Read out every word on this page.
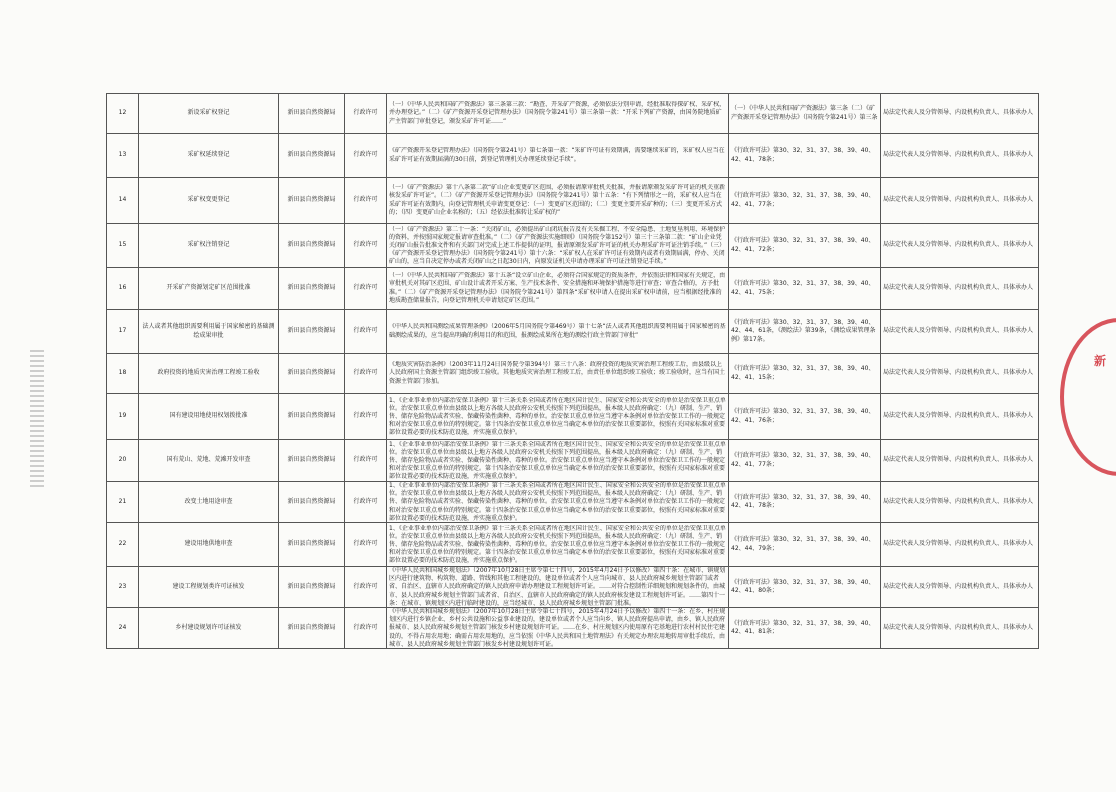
12	新设采矿权登记	新田县自然资源局	行政许可	（一）《中华人民共和国矿产资源法》第三条第三款：“勘查、开采矿产资源，必须依法分别申请，经批准取得探矿权、采矿权，并办理登记。”（二）《矿产资源开采登记管理办法》（国务院令第241号）第三条第一款：“开采下列矿产资源，由国务院地质矿产主管部门审批登记，颁发采矿许可证……”	（一）《中华人民共和国矿产资源法》第三条（二）《矿产资源开采登记管理办法》（国务院令第241号）第三条	局法定代表人及分管领导、内设机构负责人、具体承办人
13	采矿权延续登记	新田县自然资源局	行政许可	《矿产资源开采登记管理办法》（国务院令第241号）第七条第一款：“采矿许可证有效期满，需要继续采矿的，采矿权人应当在采矿许可证有效期届满的30日前，到登记管理机关办理延续登记手续”。	《行政许可法》第30、32、31、37、38、39、40、42、41、78条；	局法定代表人及分管领导、内设机构负责人、具体承办人
14	采矿权变更登记	新田县自然资源局	行政许可	（一）《矿产资源法》第十八条第二款“矿山企业变更矿区范围，必须报请原审批机关批准，并报请原颁发采矿许可证的机关重新核发采矿许可证”。（二）《矿产资源开采登记管理办法》（国务院令第241号）第十五条：“有下列情形之一的，采矿权人应当在采矿许可证有效期内，向登记管理机关申请变更登记：（一）变更矿区范围的；（二）变更主要开采矿种的；（三）变更开采方式的；（四）变更矿山企业名称的；（五）经依法批准转让采矿权的”	《行政许可法》第30、32、31、37、38、39、40、42、41、77条；	局法定代表人及分管领导、内设机构负责人、具体承办人
15	采矿权注销登记	新田县自然资源局	行政许可	（一）《矿产资源法》第二十一条：“关闭矿山，必须提出矿山闭坑报告及有关采掘工程、不安全隐患、土地复垦利用、环境保护的资料，并按照国家规定报请审查批准。”（二）《矿产资源法实施细则》（国务院令第152号）第三十三条第二款：“矿山企业凭关闭矿山报告批准文件和有关部门对完成上述工作提供的证明，报请原颁发采矿许可证的机关办理采矿许可证注销手续。”（三）《矿产资源开采登记管理办法》（国务院令第241号）第十六条：“采矿权人在采矿许可证有效期内或者有效期届满，停办、关闭矿山的，应当自决定停办或者关闭矿山之日起30日内，向原发证机关申请办理采矿许可证注销登记手续。”	《行政许可法》第30、32、31、37、38、39、40、42、41、72条；	局法定代表人及分管领导、内设机构负责人、具体承办人
16	开采矿产资源划定矿区范围批准	新田县自然资源局	行政许可	（一）《中华人民共和国矿产资源法》第十五条“设立矿山企业，必须符合国家规定的资质条件，并依照法律和国家有关规定，由审批机关对其矿区范围、矿山设计或者开采方案、生产技术条件、安全措施和环境保护措施等进行审查；审查合格的，方予批准。”（二）《矿产资源开采登记管理办法》（国务院令第241号）第四条“采矿权申请人在提出采矿权申请前，应当根据经批准的地质勘查储量报告，向登记管理机关申请划定矿区范围。”	《行政许可法》第30、32、31、37、38、39、40、42、41、75条；	局法定代表人及分管领导、内设机构负责人、具体承办人
17	法人或者其他组织需要利用属于国家秘密的基础测绘成果审批	新田县自然资源局	行政许可	《中华人民共和国测绘成果管理条例》（2006年5月国务院令第469号）第十七条“法人或者其他组织需要利用属于国家秘密的基础测绘成果的，应当提出明确的利用目的和范围，报测绘成果所在地的测绘行政主管部门审批”	《行政许可法》第30、32、31、37、38、39、40、42、44、61条，《测绘法》第39条，《测绘成果管理条例》第17条。	局法定代表人及分管领导、内设机构负责人、具体承办人
18	政府投资的地质灾害治理工程竣工验收	新田县自然资源局	行政许可	《地质灾害防治条例》（2003年11月24日国务院令第394号）第三十八条：政府投资的地质灾害治理工程竣工后，由县级以上人民政府国土资源主管部门组织竣工验收。其他地质灾害治理工程竣工后，由责任单位组织竣工验收；竣工验收时，应当有国土资源主管部门参加。	《行政许可法》第30、32、31、37、38、39、40、42、41、15条；	局法定代表人及分管领导、内设机构负责人、具体承办人
19	国有建设用地使用权划拨批准	新田县自然资源局	行政许可	1、《企业事业单位内部治安保卫条例》第十三条关系全国或者所在地区国计民生、国家安全和公共安全的单位是治安保卫重点单位。治安保卫重点单位由县级以上地方各级人民政府公安机关按照下列范围提出，报本级人民政府确定：（九）研制、生产、销售、储存危险物品或者实验、保藏传染性菌种、毒种的单位。治安保卫重点单位应当遵守本条例对单位治安保卫工作的一般规定和对治安保卫重点单位的特别规定。第十四条治安保卫重点单位应当确定本单位的治安保卫重要部位，按照有关国家标准对重要部位设置必要的技术防范设施，并实施重点保护。	《行政许可法》第30、32、31、37、38、39、40、42、41、76条；	局法定代表人及分管领导、内设机构负责人、具体承办人
20	国有荒山、荒地、荒滩开发审查	新田县自然资源局	行政许可	1、《企业事业单位内部治安保卫条例》第十三条关系全国或者所在地区国计民生、国家安全和公共安全的单位是治安保卫重点单位。治安保卫重点单位由县级以上地方各级人民政府公安机关按照下列范围提出，报本级人民政府确定：（九）研制、生产、销售、储存危险物品或者实验、保藏传染性菌种、毒种的单位。治安保卫重点单位应当遵守本条例对单位治安保卫工作的一般规定和对治安保卫重点单位的特别规定。第十四条治安保卫重点单位应当确定本单位的治安保卫重要部位，按照有关国家标准对重要部位设置必要的技术防范设施，并实施重点保护。	《行政许可法》第30、32、31、37、38、39、40、42、41、77条；	局法定代表人及分管领导、内设机构负责人、具体承办人
21	改变土地用途审查	新田县自然资源局	行政许可	1、《企业事业单位内部治安保卫条例》第十三条关系全国或者所在地区国计民生、国家安全和公共安全的单位是治安保卫重点单位。治安保卫重点单位由县级以上地方各级人民政府公安机关按照下列范围提出，报本级人民政府确定：（九）研制、生产、销售、储存危险物品或者实验、保藏传染性菌种、毒种的单位。治安保卫重点单位应当遵守本条例对单位治安保卫工作的一般规定和对治安保卫重点单位的特别规定。第十四条治安保卫重点单位应当确定本单位的治安保卫重要部位，按照有关国家标准对重要部位设置必要的技术防范设施，并实施重点保护。	《行政许可法》第30、32、31、37、38、39、40、42、41、78条；	局法定代表人及分管领导、内设机构负责人、具体承办人
22	建设用地供地审查	新田县自然资源局	行政许可	1、《企业事业单位内部治安保卫条例》第十三条关系全国或者所在地区国计民生、国家安全和公共安全的单位是治安保卫重点单位。治安保卫重点单位由县级以上地方各级人民政府公安机关按照下列范围提出，报本级人民政府确定：（九）研制、生产、销售、储存危险物品或者实验、保藏传染性菌种、毒种的单位。治安保卫重点单位应当遵守本条例对单位治安保卫工作的一般规定和对治安保卫重点单位的特别规定。第十四条治安保卫重点单位应当确定本单位的治安保卫重要部位，按照有关国家标准对重要部位设置必要的技术防范设施，并实施重点保护。	《行政许可法》第30、32、31、37、38、39、40、42、44、79条；	局法定代表人及分管领导、内设机构负责人、具体承办人
23	建设工程规划类许可证核发	新田县自然资源局	行政许可	《中华人民共和国城乡规划法》（2007年10月28日主席令第七十四号，2015年4月24日予以修改）第四十条：在城市、镇规划区内进行建筑物、构筑物、道路、管线和其他工程建设的，建设单位或者个人应当向城市、县人民政府城乡规划主管部门或者省、自治区、直辖市人民政府确定的镇人民政府申请办理建设工程规划许可证。……对符合控制性详细规划和规划条件的，由城市、县人民政府城乡规划主管部门或者省、自治区、直辖市人民政府确定的镇人民政府核发建设工程规划许可证。……第四十一条：在城市、镇规划区内进行临时建设的，应当经城市、县人民政府城乡规划主管部门批准。	《行政许可法》第30、32、31、37、38、39、40、42、41、80条；	局法定代表人及分管领导、内设机构负责人、具体承办人
24	乡村建设规划许可证核发	新田县自然资源局	行政许可	《中华人民共和国城乡规划法》（2007年10月28日主席令第七十四号，2015年4月24日予以修改）第四十一条：在乡、村庄规划区内进行乡镇企业、乡村公共设施和公益事业建设的，建设单位或者个人应当向乡、镇人民政府提出申请，由乡、镇人民政府报城市、县人民政府城乡规划主管部门核发乡村建设规划许可证。……在乡、村庄规划区内使用原有宅基地进行农村村民住宅建设的，不得占用农用地；确需占用农用地的，应当依照《中华人民共和国土地管理法》有关规定办理农用地转用审批手续后，由城市、县人民政府城乡规划主管部门核发乡村建设规划许可证。	《行政许可法》第30、32、31、37、38、39、40、42、41、81条；	局法定代表人及分管领导、内设机构负责人、具体承办人
新
